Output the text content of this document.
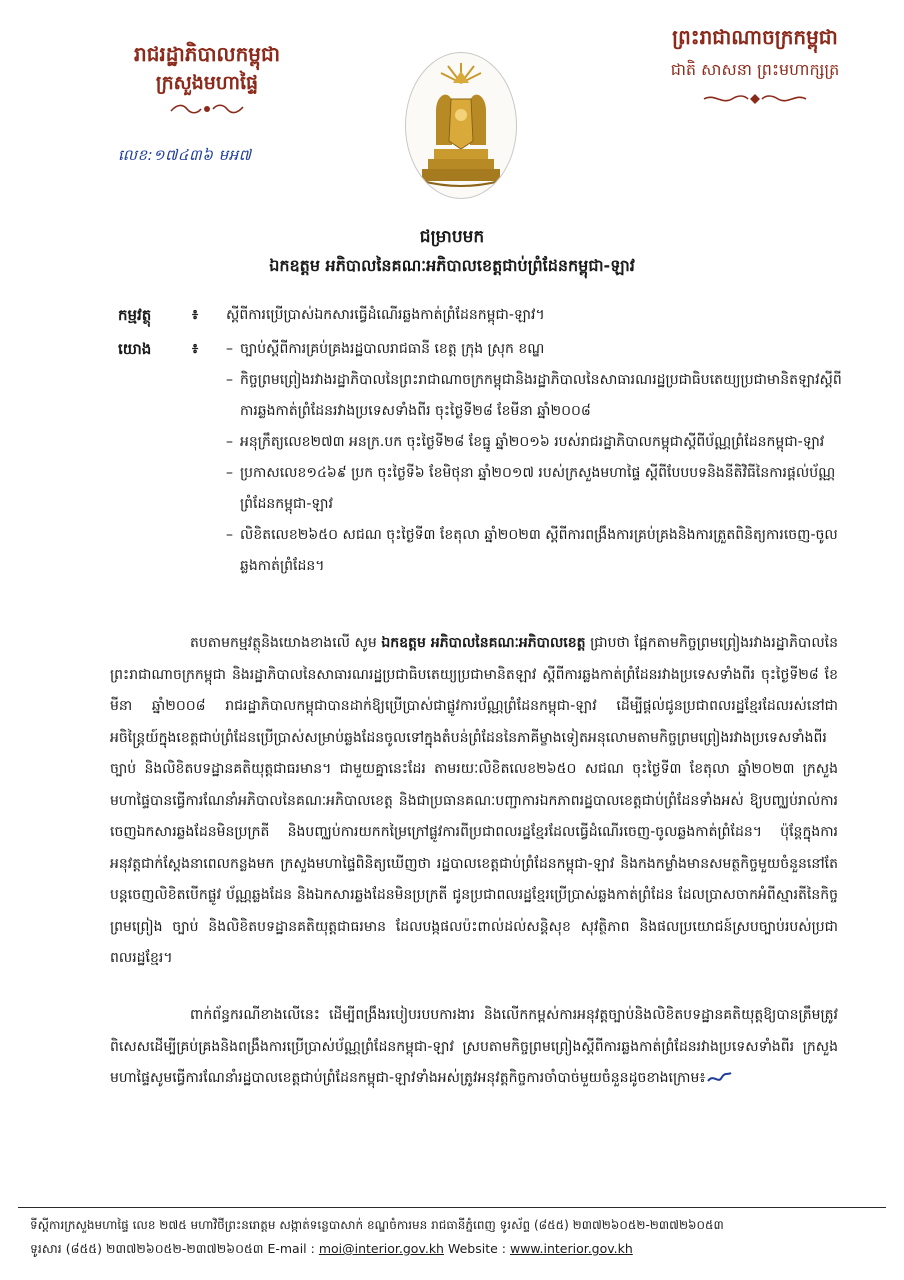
រាជរដ្ឋាភិបាលកម្ពុជា
ក្រសួងមហាផ្ទៃ
លេខ:១៧៤៣៦ មអ៧
ព្រះរាជាណាចក្រកម្ពុជា
ជាតិ សាសនា ព្រះមហាក្សត្រ
ជម្រាបមក
ឯកឧត្តម អភិបាលនៃគណៈអភិបាលខេត្តជាប់ព្រំដែនកម្ពុជា-ឡាវ
កម្មវត្ថុ	៖ ស្តីពីការប្រើប្រាស់ឯកសារធ្វើដំណើរឆ្លងកាត់ព្រំដែនកម្ពុជា-ឡាវ។
យោង	៖
–	ច្បាប់ស្តីពីការគ្រប់គ្រងរដ្ឋបាលរាជធានី ខេត្ត ក្រុង ស្រុក ខណ្ឌ
– កិច្ចព្រមព្រៀងរវាងរដ្ឋាភិបាលនៃព្រះរាជាណាចក្រកម្ពុជានិងរដ្ឋាភិបាលនៃសាធារណរដ្ឋប្រជាធិបតេយ្យប្រជាមានិតឡាវស្តីពីការឆ្លងកាត់ព្រំដែនរវាងប្រទេសទាំងពីរ ចុះថ្ងៃទី២៨ ខែមីនា ឆ្នាំ២០០៨
– អនុក្រឹត្យលេខ២៧៣ អនក្រ.បក ចុះថ្ងៃទី២៨ ខែធ្នូ ឆ្នាំ២០១៦ របស់រាជរដ្ឋាភិបាលកម្ពុជាស្តីពីប័ណ្ណព្រំដែនកម្ពុជា-ឡាវ
– ប្រកាសលេខ១៤៦៩ ប្រក ចុះថ្ងៃទី៦ ខែមិថុនា ឆ្នាំ២០១៧ របស់ក្រសួងមហាផ្ទៃ ស្តីពីបែបបទនិងនីតិវិធីនៃការផ្តល់ប័ណ្ណព្រំដែនកម្ពុជា-ឡាវ
– លិខិតលេខ២៦៥០ សជណ ចុះថ្ងៃទី៣ ខែតុលា ឆ្នាំ២០២៣ ស្តីពីការពង្រឹងការគ្រប់គ្រងនិងការត្រួតពិនិត្យការចេញ-ចូលឆ្លងកាត់ព្រំដែន។

តបតាមកម្មវត្ថុនិងយោងខាងលើ សូម ឯកឧត្តម អភិបាលនៃគណៈអភិបាលខេត្ត ជ្រាបថា ផ្អែកតាមកិច្ចព្រមព្រៀងរវាងរដ្ឋាភិបាលនៃព្រះរាជាណាចក្រកម្ពុជា និងរដ្ឋាភិបាលនៃសាធារណរដ្ឋប្រជាធិបតេយ្យប្រជាមានិតឡាវ ស្តីពីការឆ្លងកាត់ព្រំដែនរវាងប្រទេសទាំងពីរ ចុះថ្ងៃទី២៨ ខែមីនា ឆ្នាំ២០០៨ រាជរដ្ឋាភិបាលកម្ពុជាបានដាក់ឱ្យប្រើប្រាស់ជាផ្លូវការប័ណ្ណព្រំដែនកម្ពុជា-ឡាវ ដើម្បីផ្តល់ជូនប្រជាពលរដ្ឋខ្មែរដែលរស់នៅជាអចិន្ត្រៃយ៍ក្នុងខេត្តជាប់ព្រំដែនប្រើប្រាស់សម្រាប់ឆ្លងដែនចូលទៅក្នុងតំបន់ព្រំដែននៃភាគីម្ខាងទៀតអនុលោមតាមកិច្ចព្រមព្រៀងរវាងប្រទេសទាំងពីរ ច្បាប់ និងលិខិតបទដ្ឋានគតិយុត្តជាធរមាន។ ជាមួយគ្នានេះដែរ តាមរយៈលិខិតលេខ២៦៥០ សជណ ចុះថ្ងៃទី៣ ខែតុលា ឆ្នាំ២០២៣ ក្រសួងមហាផ្ទៃបានធ្វើការណែនាំអភិបាលនៃគណៈអភិបាលខេត្ត និងជាប្រធានគណៈបញ្ជាការឯកភាពរដ្ឋបាលខេត្តជាប់ព្រំដែនទាំងអស់ ឱ្យបញ្ឈប់រាល់ការចេញឯកសារឆ្លងដែនមិនប្រក្រតី និងបញ្ឈប់ការយកកម្រៃក្រៅផ្លូវការពីប្រជាពលរដ្ឋខ្មែរដែលធ្វើដំណើរចេញ-ចូលឆ្លងកាត់ព្រំដែន។ ប៉ុន្តែក្នុងការអនុវត្តជាក់ស្តែងនាពេលកន្លងមក ក្រសួងមហាផ្ទៃពិនិត្យឃើញថា រដ្ឋបាលខេត្តជាប់ព្រំដែនកម្ពុជា-ឡាវ និងកងកម្លាំងមានសមត្ថកិច្ចមួយចំនួននៅតែបន្តចេញលិខិតបើកផ្លូវ ប័ណ្ណឆ្លងដែន និងឯកសារឆ្លងដែនមិនប្រក្រតី ជូនប្រជាពលរដ្ឋខ្មែរប្រើប្រាស់ឆ្លងកាត់ព្រំដែន ដែលប្រាសចាកអំពីស្មារតីនៃកិច្ចព្រមព្រៀង ច្បាប់ និងលិខិតបទដ្ឋានគតិយុត្តជាធរមាន ដែលបង្កផលប៉ះពាល់ដល់សន្តិសុខ សុវត្ថិភាព និងផលប្រយោជន៍ស្របច្បាប់របស់ប្រជាពលរដ្ឋខ្មែរ។

ពាក់ព័ន្ធករណីខាងលើនេះ ដើម្បីពង្រឹងរបៀបរបបការងារ និងលើកកម្ពស់ការអនុវត្តច្បាប់និងលិខិតបទដ្ឋានគតិយុត្តឱ្យបានត្រឹមត្រូវ ពិសេសដើម្បីគ្រប់គ្រងនិងពង្រឹងការប្រើប្រាស់ប័ណ្ណព្រំដែនកម្ពុជា-ឡាវ ស្របតាមកិច្ចព្រមព្រៀងស្តីពីការឆ្លងកាត់ព្រំដែនរវាងប្រទេសទាំងពីរ ក្រសួងមហាផ្ទៃសូមធ្វើការណែនាំរដ្ឋបាលខេត្តជាប់ព្រំដែនកម្ពុជា-ឡាវទាំងអស់ត្រូវអនុវត្តកិច្ចការចាំបាច់មួយចំនួនដូចខាងក្រោម៖

ទីស្តីការក្រសួងមហាផ្ទៃ លេខ ២៧៥ មហាវិថីព្រះនរោត្តម សង្កាត់ទន្លេបាសាក់ ខណ្ឌចំការមន រាជធានីភ្នំពេញ ទូរស័ព្ទ (៨៥៥) ២៣៧២៦០៥២-២៣៧២៦០៥៣
ទូរសារ (៨៥៥) ២៣៧២៦០៥២-២៣៧២៦០៥៣ E-mail : moi@interior.gov.kh Website : www.interior.gov.kh
